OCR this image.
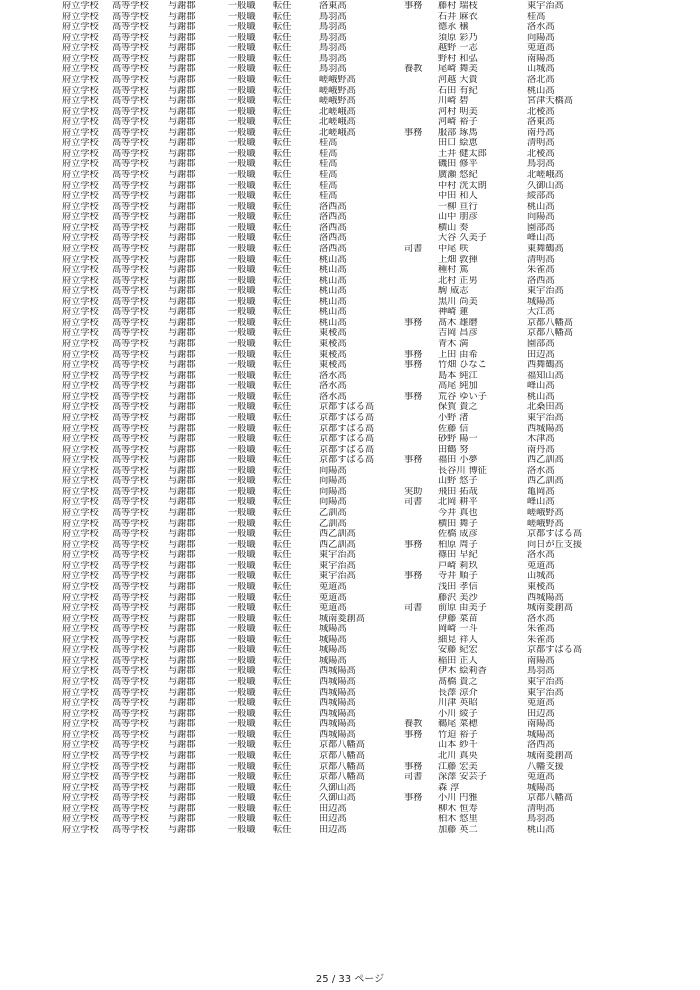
府立学校	高等学校	与謝郡	一般職	転任	洛東高	事務	藤村 瑞枝	東宇治高
府立学校	高等学校	与謝郡	一般職	転任	鳥羽高		石井 麻衣	桂高
府立学校	高等学校	与謝郡	一般職	転任	鳥羽高		德永 穣	洛水高
府立学校	高等学校	与謝郡	一般職	転任	鳥羽高		須原 彩乃	向陽高
府立学校	高等学校	与謝郡	一般職	転任	鳥羽高		越野 一志	莵道高
府立学校	高等学校	与謝郡	一般職	転任	鳥羽高		野村 和弘	南陽高
府立学校	高等学校	与謝郡	一般職	転任	鳥羽高	養教	尾崎 舞美	山城高
府立学校	高等学校	与謝郡	一般職	転任	嵯峨野高		河越 大貴	洛北高
府立学校	高等学校	与謝郡	一般職	転任	嵯峨野高		石田 有紀	桃山高
府立学校	高等学校	与謝郡	一般職	転任	嵯峨野高		川崎 碧	宮津天橋高
府立学校	高等学校	与謝郡	一般職	転任	北嵯峨高		河村 明美	北稜高
府立学校	高等学校	与謝郡	一般職	転任	北嵯峨高		河崎 裕子	洛東高
府立学校	高等学校	与謝郡	一般職	転任	北嵯峨高	事務	服部 琢馬	南丹高
府立学校	高等学校	与謝郡	一般職	転任	桂高		田口 絵恵	清明高
府立学校	高等学校	与謝郡	一般職	転任	桂高		土井 健太郎	北稜高
府立学校	高等学校	与謝郡	一般職	転任	桂高		磯田 修平	鳥羽高
府立学校	高等学校	与謝郡	一般職	転任	桂高		廣瀬 悠紀	北嵯峨高
府立学校	高等学校	与謝郡	一般職	転任	桂高		中村 洸太朗	久御山高
府立学校	高等学校	与謝郡	一般職	転任	桂高		中田 和人	綾部高
府立学校	高等学校	与謝郡	一般職	転任	洛西高		一柳 亘行	桃山高
府立学校	高等学校	与謝郡	一般職	転任	洛西高		山中 朋彦	向陽高
府立学校	高等学校	与謝郡	一般職	転任	洛西高		横山 奏	園部高
府立学校	高等学校	与謝郡	一般職	転任	洛西高		大谷 久美子	峰山高
府立学校	高等学校	与謝郡	一般職	転任	洛西高	司書	中尾 咲	東舞鶴高
府立学校	高等学校	与謝郡	一般職	転任	桃山高		上畑 敦揮	清明高
府立学校	高等学校	与謝郡	一般職	転任	桃山高		種村 篤	朱雀高
府立学校	高等学校	与謝郡	一般職	転任	桃山高		北村 正男	洛西高
府立学校	高等学校	与謝郡	一般職	転任	桃山高		駒 威志	東宇治高
府立学校	高等学校	与謝郡	一般職	転任	桃山高		黒川 尚美	城陽高
府立学校	高等学校	与謝郡	一般職	転任	桃山高		神崎 蓮	大江高
府立学校	高等学校	与謝郡	一般職	転任	桃山高	事務	髙木 雄磨	京都八幡高
府立学校	高等学校	与謝郡	一般職	転任	東稜高		吉岡 昌彦	京都八幡高
府立学校	高等学校	与謝郡	一般職	転任	東稜高		青木 満	園部高
府立学校	高等学校	与謝郡	一般職	転任	東稜高	事務	上田 由希	田辺高
府立学校	高等学校	与謝郡	一般職	転任	東稜高	事務	竹畑 ひなこ	西舞鶴高
府立学校	高等学校	与謝郡	一般職	転任	洛水高		島本 純江	福知山高
府立学校	高等学校	与謝郡	一般職	転任	洛水高		高尾 純加	峰山高
府立学校	高等学校	与謝郡	一般職	転任	洛水高	事務	荒谷 ゆい子	桃山高
府立学校	高等学校	与謝郡	一般職	転任	京都すばる高		保賀 貴之	北桑田高
府立学校	高等学校	与謝郡	一般職	転任	京都すばる高		小野 渚	東宇治高
府立学校	高等学校	与謝郡	一般職	転任	京都すばる高		佐藤 信	西城陽高
府立学校	高等学校	与謝郡	一般職	転任	京都すばる高		砂野 陽一	木津高
府立学校	高等学校	与謝郡	一般職	転任	京都すばる高		田鶴 努	南丹高
府立学校	高等学校	与謝郡	一般職	転任	京都すばる高	事務	福田 小夢	西乙訓高
府立学校	高等学校	与謝郡	一般職	転任	向陽高		長谷川 博征	洛水高
府立学校	高等学校	与謝郡	一般職	転任	向陽高		山野 悠子	西乙訓高
府立学校	高等学校	与謝郡	一般職	転任	向陽高	実助	飛田 拓哉	亀岡高
府立学校	高等学校	与謝郡	一般職	転任	向陽高	司書	北岡 耕平	峰山高
府立学校	高等学校	与謝郡	一般職	転任	乙訓高		今井 真也	嵯峨野高
府立学校	高等学校	与謝郡	一般職	転任	乙訓高		横田 舞子	嵯峨野高
府立学校	高等学校	与謝郡	一般職	転任	西乙訓高		佐橋 成彦	京都すばる高
府立学校	高等学校	与謝郡	一般職	転任	西乙訓高	事務	柏原 周子	向日が丘支援
府立学校	高等学校	与謝郡	一般職	転任	東宇治高		篠田 早紀	洛水高
府立学校	高等学校	与謝郡	一般職	転任	東宇治高		戸崎 莉玖	莵道高
府立学校	高等学校	与謝郡	一般職	転任	東宇治高	事務	寺井 順子	山城高
府立学校	高等学校	与謝郡	一般職	転任	莵道高		浅田 孝信	東稜高
府立学校	高等学校	与謝郡	一般職	転任	莵道高		藤沢 美沙	西城陽高
府立学校	高等学校	与謝郡	一般職	転任	莵道高	司書	前原 由美子	城南菱創高
府立学校	高等学校	与謝郡	一般職	転任	城南菱創高		伊藤 菜苗	洛水高
府立学校	高等学校	与謝郡	一般職	転任	城陽高		岡崎 一斗	朱雀高
府立学校	高等学校	与謝郡	一般職	転任	城陽高		細見 祥人	朱雀高
府立学校	高等学校	与謝郡	一般職	転任	城陽高		安藤 紀宏	京都すばる高
府立学校	高等学校	与謝郡	一般職	転任	城陽高		稲田 正人	南陽高
府立学校	高等学校	与謝郡	一般職	転任	西城陽高		伊木 絵莉香	鳥羽高
府立学校	高等学校	与謝郡	一般職	転任	西城陽高		髙橋 貴之	東宇治高
府立学校	高等学校	与謝郡	一般職	転任	西城陽高		長澤 涼介	東宇治高
府立学校	高等学校	与謝郡	一般職	転任	西城陽高		川津 英昭	莵道高
府立学校	高等学校	与謝郡	一般職	転任	西城陽高		小川 綾子	田辺高
府立学校	高等学校	与謝郡	一般職	転任	西城陽高	養教	鵜尾 菜穂	南陽高
府立学校	高等学校	与謝郡	一般職	転任	西城陽高	事務	竹迫 裕子	城陽高
府立学校	高等学校	与謝郡	一般職	転任	京都八幡高		山本 紗千	洛西高
府立学校	高等学校	与謝郡	一般職	転任	京都八幡高		北川 真央	城南菱創高
府立学校	高等学校	与謝郡	一般職	転任	京都八幡高	事務	江藤 宏美	八幡支援
府立学校	高等学校	与謝郡	一般職	転任	京都八幡高	司書	深澤 安芸子	莵道高
府立学校	高等学校	与謝郡	一般職	転任	久御山高		森 淳	城陽高
府立学校	高等学校	与謝郡	一般職	転任	久御山高	事務	小川 円雅	京都八幡高
府立学校	高等学校	与謝郡	一般職	転任	田辺高		柳木 恒寿	清明高
府立学校	高等学校	与謝郡	一般職	転任	田辺高		柏木 悠里	鳥羽高
府立学校	高等学校	与謝郡	一般職	転任	田辺高		加藤 英二	桃山高
25 / 33 ページ
